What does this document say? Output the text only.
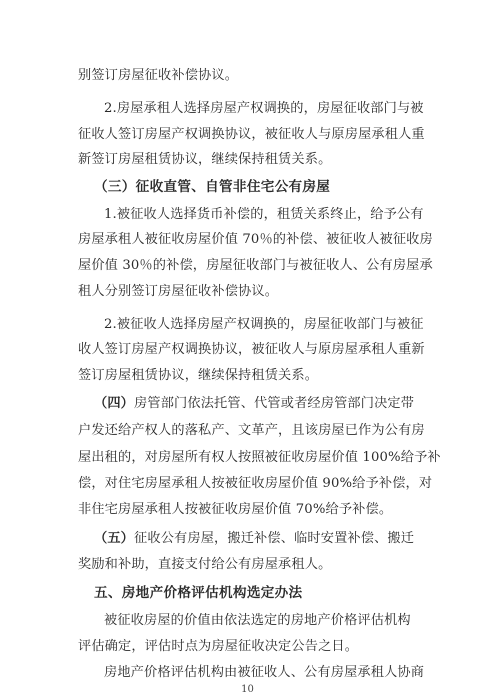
别签订房屋征收补偿协议。
2.房屋承租人选择房屋产权调换的，房屋征收部门与被
征收人签订房屋产权调换协议，被征收人与原房屋承租人重
新签订房屋租赁协议，继续保持租赁关系。
（三）征收直管、自管非住宅公有房屋
1.被征收人选择货币补偿的，租赁关系终止，给予公有
房屋承租人被征收房屋价值 70％的补偿、被征收人被征收房
屋价值 30％的补偿，房屋征收部门与被征收人、公有房屋承
租人分别签订房屋征收补偿协议。
2.被征收人选择房屋产权调换的，房屋征收部门与被征
收人签订房屋产权调换协议，被征收人与原房屋承租人重新
签订房屋租赁协议，继续保持租赁关系。
（四）房管部门依法托管、代管或者经房管部门决定带
户发还给产权人的落私产、文革产，且该房屋已作为公有房
屋出租的，对房屋所有权人按照被征收房屋价值 100%给予补
偿，对住宅房屋承租人按被征收房屋价值 90%给予补偿，对
非住宅房屋承租人按被征收房屋价值 70%给予补偿。
（五）征收公有房屋，搬迁补偿、临时安置补偿、搬迁
奖励和补助，直接支付给公有房屋承租人。
五、房地产价格评估机构选定办法
被征收房屋的价值由依法选定的房地产价格评估机构
评估确定，评估时点为房屋征收决定公告之日。
房地产价格评估机构由被征收人、公有房屋承租人协商
10
